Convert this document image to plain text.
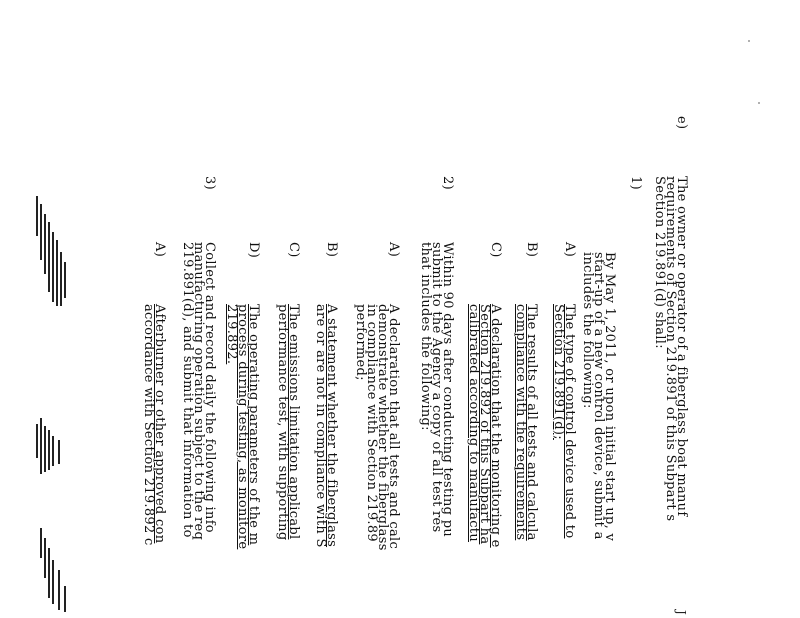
J
e)
The owner or operator of a fiberglass boat manuf
requirements of Section 219.891 of this Subpart s
Section 219.891(d) shall:
1)
By May 1, 2011, or upon initial start up, v
start-up of a new control device, submit a
includes the following:
A)
The type of control device used to
Section 219.891(d);
B)
The results of all tests and calcula
compliance with the requirements
C)
A declaration that the monitoring e
Section 219.892 of this Subpart ha
calibrated according to manufactu
2)
Within 90 days after conducting testing pu
submit to the Agency a copy of all test res
that includes the following:
A)
A declaration that all tests and calc
demonstrate whether the fiberglass
in compliance with Section 219.89
performed;
B)
A statement whether the fiberglass
are or are not in compliance with S
C)
The emissions limitation applicabl
performance test, with supporting
D)
The operating parameters of the m
process during testing, as monitore
219.892.
3)
Collect and record daily the following info
manufacturing operation subject to the req
219.891(d), and submit that information to
A)
Afterburner or other approved con
accordance with Section 219.892 c
